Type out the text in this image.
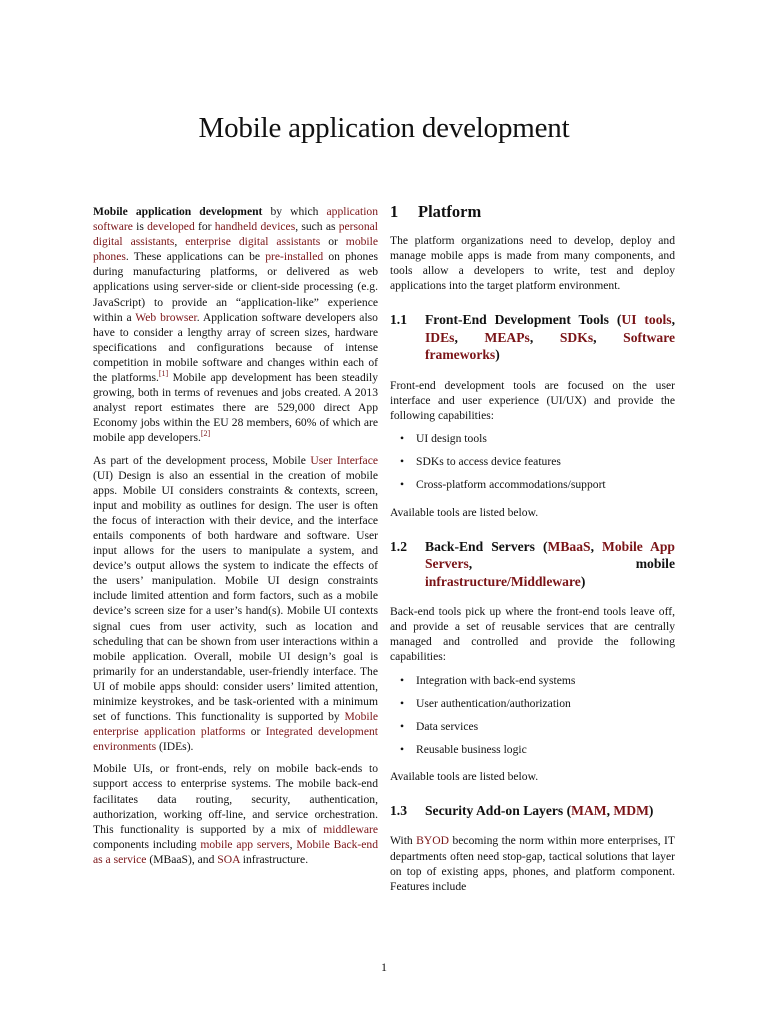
Mobile application development

Mobile application development by which application software is developed for handheld devices, such as personal digital assistants, enterprise digital assistants or mobile phones. These applications can be pre-installed on phones during manufacturing platforms, or delivered as web applications using server-side or client-side processing (e.g. JavaScript) to provide an “application-like” experience within a Web browser. Application software developers also have to consider a lengthy array of screen sizes, hardware specifications and configurations because of intense competition in mobile software and changes within each of the platforms.[1] Mobile app development has been steadily growing, both in terms of revenues and jobs created. A 2013 analyst report estimates there are 529,000 direct App Economy jobs within the EU 28 members, 60% of which are mobile app developers.[2]

As part of the development process, Mobile User Interface (UI) Design is also an essential in the creation of mobile apps. Mobile UI considers constraints & contexts, screen, input and mobility as outlines for design. The user is often the focus of interaction with their device, and the interface entails components of both hardware and software. User input allows for the users to manipulate a system, and device’s output allows the system to indicate the effects of the users’ manipulation. Mobile UI design constraints include limited attention and form factors, such as a mobile device’s screen size for a user’s hand(s). Mobile UI contexts signal cues from user activity, such as location and scheduling that can be shown from user interactions within a mobile application. Overall, mobile UI design’s goal is primarily for an understandable, user-friendly interface. The UI of mobile apps should: consider users’ limited attention, minimize keystrokes, and be task-oriented with a minimum set of functions. This functionality is supported by Mobile enterprise application platforms or Integrated development environments (IDEs).

Mobile UIs, or front-ends, rely on mobile back-ends to support access to enterprise systems. The mobile back-end facilitates data routing, security, authentication, authorization, working off-line, and service orchestration. This functionality is supported by a mix of middleware components including mobile app servers, Mobile Back-end as a service (MBaaS), and SOA infrastructure.

1	Platform

The platform organizations need to develop, deploy and manage mobile apps is made from many components, and tools allow a developers to write, test and deploy applications into the target platform environment.

1.1	Front-End Development Tools (UI tools, IDEs, MEAPs, SDKs, Software frameworks)

Front-end development tools are focused on the user interface and user experience (UI/UX) and provide the following capabilities:

• UI design tools
• SDKs to access device features
• Cross-platform accommodations/support

Available tools are listed below.

1.2	Back-End Servers (MBaaS, Mobile App Servers, mobile infrastructure/Middleware)

Back-end tools pick up where the front-end tools leave off, and provide a set of reusable services that are centrally managed and controlled and provide the following capabilities:

• Integration with back-end systems
• User authentication/authorization
• Data services
• Reusable business logic

Available tools are listed below.

1.3	Security Add-on Layers (MAM, MDM)

With BYOD becoming the norm within more enterprises, IT departments often need stop-gap, tactical solutions that layer on top of existing apps, phones, and platform component. Features include

1
